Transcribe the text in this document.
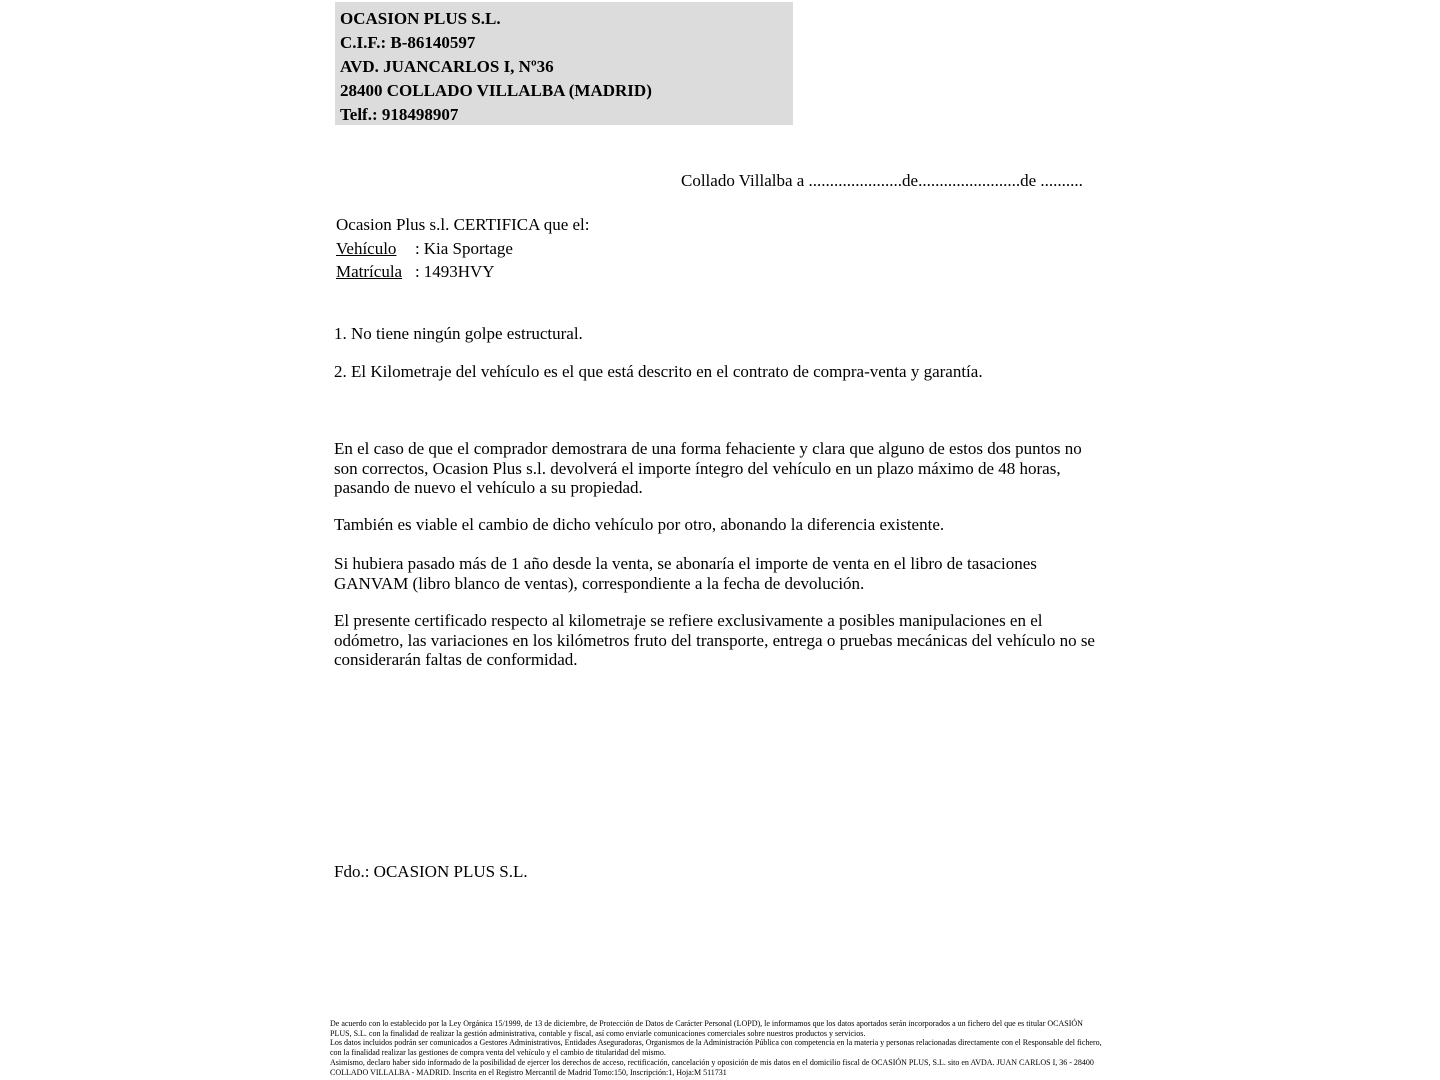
OCASION PLUS S.L.
C.I.F.: B-86140597
AVD. JUANCARLOS I, Nº36
28400 COLLADO VILLALBA (MADRID)
Telf.: 918498907
Collado Villalba a ......................de........................de ..........
Ocasion Plus s.l. CERTIFICA que el:
Vehículo : Kia Sportage
Matrícula : 1493HVY

1. No tiene ningún golpe estructural.

2. El Kilometraje del vehículo es el que está descrito en el contrato de compra-venta y garantía.

En el caso de que el comprador demostrara de una forma fehaciente y clara que alguno de estos dos puntos no son correctos, Ocasion Plus s.l. devolverá el importe íntegro del vehículo en un plazo máximo de 48 horas, pasando de nuevo el vehículo a su propiedad.

También es viable el cambio de dicho vehículo por otro, abonando la diferencia existente.

Si hubiera pasado más de 1 año desde la venta, se abonaría el importe de venta en el libro de tasaciones GANVAM (libro blanco de ventas), correspondiente a la fecha de devolución.

El presente certificado respecto al kilometraje se refiere exclusivamente a posibles manipulaciones en el odómetro, las variaciones en los kilómetros fruto del transporte, entrega o pruebas mecánicas del vehículo no se considerarán faltas de conformidad.

Fdo.: OCASION PLUS S.L.

De acuerdo con lo establecido por la Ley Orgánica 15/1999, de 13 de diciembre, de Protección de Datos de Carácter Personal (LOPD), le informamos que los datos aportados serán incorporados a un fichero del que es titular OCASIÓN PLUS, S.L. con la finalidad de realizar la gestión administrativa, contable y fiscal, así como enviarle comunicaciones comerciales sobre nuestros productos y servicios.

Los datos incluidos podrán ser comunicados a Gestores Administrativos, Entidades Aseguradoras, Organismos de la Administración Pública con competencia en la materia y personas relacionadas directamente con el Responsable del fichero, con la finalidad realizar las gestiones de compra venta del vehículo y el cambio de titularidad del mismo.

Asimismo, declaro haber sido informado de la posibilidad de ejercer los derechos de acceso, rectificación, cancelación y oposición de mis datos en el domicilio fiscal de OCASIÓN PLUS, S.L. sito en AVDA. JUAN CARLOS I, 36 - 28400 COLLADO VILLALBA - MADRID. Inscrita en el Registro Mercantil de Madrid Tomo:150, Inscripción:1, Hoja:M 511731
